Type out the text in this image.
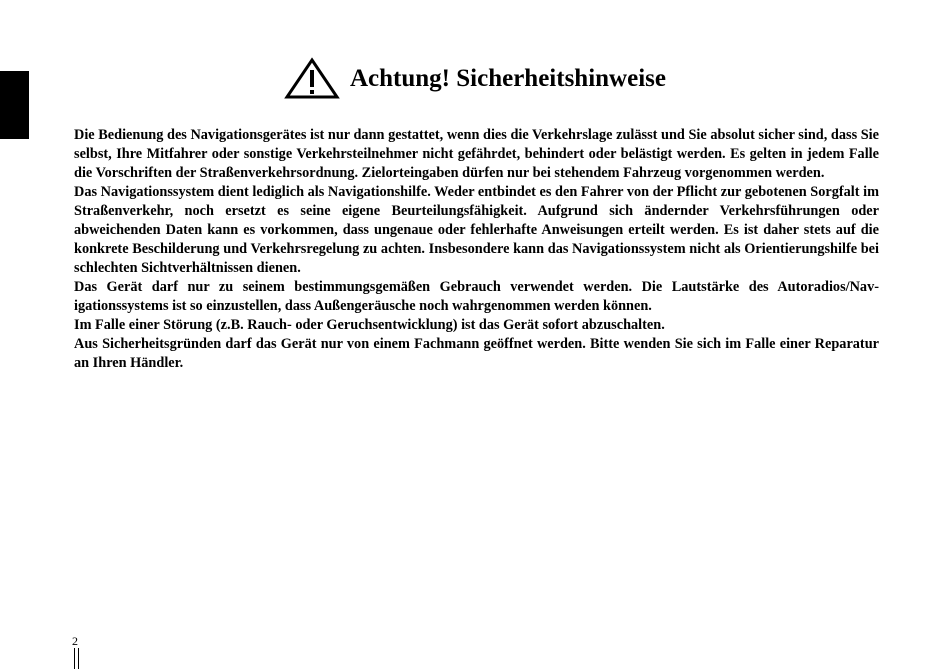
Achtung! Sicherheitshinweise

Die Bedienung des Navigationsgerätes ist nur dann gestattet, wenn dies die Verkehrslage zulässt und Sie absolut sicher sind, dass Sie selbst, Ihre Mitfahrer oder sonstige Verkehrsteilnehmer nicht gefährdet, behindert oder belästigt werden. Es gelten in jedem Falle die Vorschriften der Straßenverkehrsordnung. Zielorteingaben dürfen nur bei stehendem Fahrzeug vorgenommen werden.

Das Navigationssystem dient lediglich als Navigationshilfe. Weder entbindet es den Fahrer von der Pflicht zur gebotenen Sorgfalt im Straßenverkehr, noch ersetzt es seine eigene Beurteilungsfähigkeit. Aufgrund sich ändernder Verkehrsführungen oder abweichenden Daten kann es vorkommen, dass ungenaue oder fehlerhafte Anweisungen erteilt werden. Es ist daher stets auf die konkrete Beschilderung und Verkehrsregelung zu achten. Insbesondere kann das Navigationssystem nicht als Orientierungshilfe bei schlechten Sichtverhältnissen dienen.

Das Gerät darf nur zu seinem bestimmungsgemäßen Gebrauch verwendet werden. Die Lautstärke des Autoradios/Navigationssystems ist so einzustellen, dass Außengeräusche noch wahrgenommen werden können.

Im Falle einer Störung (z.B. Rauch- oder Geruchsentwicklung) ist das Gerät sofort abzuschalten.

Aus Sicherheitsgründen darf das Gerät nur von einem Fachmann geöffnet werden. Bitte wenden Sie sich im Falle einer Reparatur an Ihren Händler.

2
